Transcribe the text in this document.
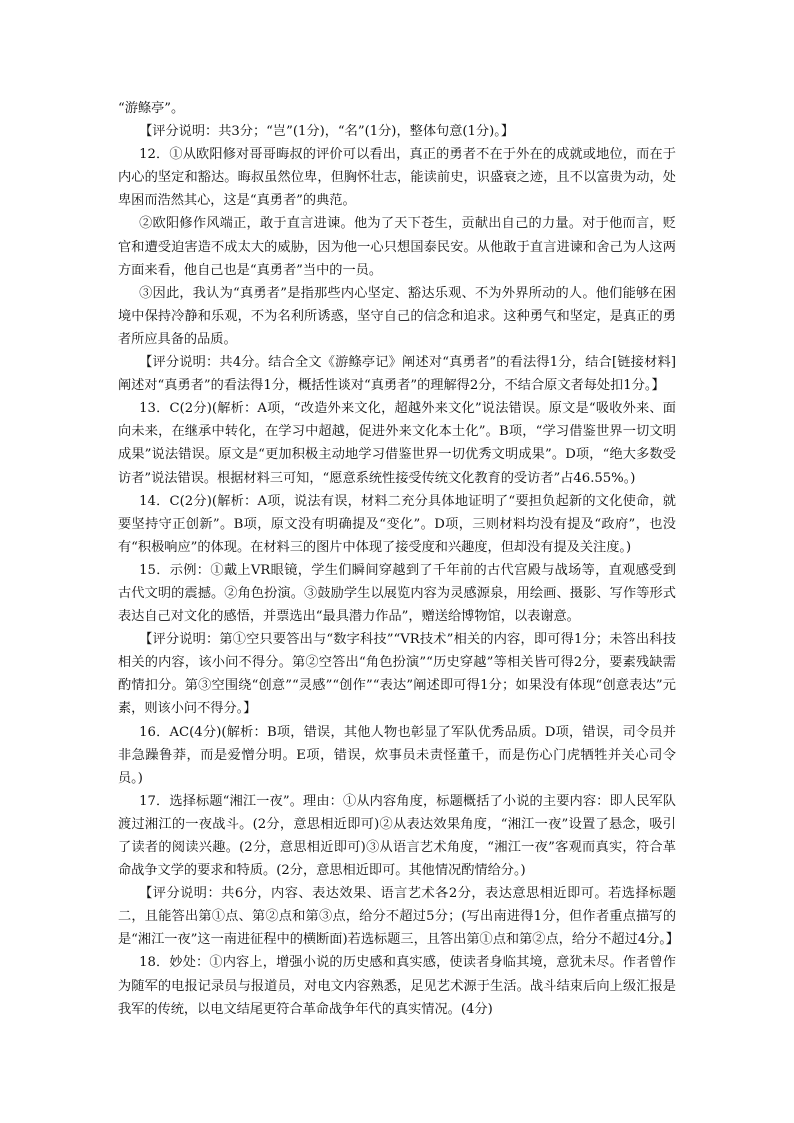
“游鲦亭”。

【评分说明：共3分；“岂”(1分)，“名”(1分)，整体句意(1分)。】

12．①从欧阳修对哥哥晦叔的评价可以看出，真正的勇者不在于外在的成就或地位，而在于内心的坚定和豁达。晦叔虽然位卑，但胸怀壮志，能读前史，识盛衰之迹，且不以富贵为动，处卑困而浩然其心，这是“真勇者”的典范。

②欧阳修作风端正，敢于直言进谏。他为了天下苍生，贡献出自己的力量。对于他而言，贬官和遭受迫害造不成太大的威胁，因为他一心只想国泰民安。从他敢于直言进谏和舍己为人这两方面来看，他自己也是“真勇者”当中的一员。

③因此，我认为“真勇者”是指那些内心坚定、豁达乐观、不为外界所动的人。他们能够在困境中保持冷静和乐观，不为名利所诱惑，坚守自己的信念和追求。这种勇气和坚定，是真正的勇者所应具备的品质。

【评分说明：共4分。结合全文《游鲦亭记》阐述对“真勇者”的看法得1分，结合[链接材料]阐述对“真勇者”的看法得1分，概括性谈对“真勇者”的理解得2分，不结合原文者每处扣1分。】

13．C(2分)(解析：A项，“改造外来文化，超越外来文化”说法错误。原文是“吸收外来、面向未来，在继承中转化，在学习中超越，促进外来文化本土化”。B项，“学习借鉴世界一切文明成果”说法错误。原文是“更加积极主动地学习借鉴世界一切优秀文明成果”。D项，“绝大多数受访者”说法错误。根据材料三可知，“愿意系统性接受传统文化教育的受访者”占46.55%。)

14．C(2分)(解析：A项，说法有误，材料二充分具体地证明了“要担负起新的文化使命，就要坚持守正创新”。B项，原文没有明确提及“变化”。D项，三则材料均没有提及“政府”，也没有“积极响应”的体现。在材料三的图片中体现了接受度和兴趣度，但却没有提及关注度。)

15．示例：①戴上VR眼镜，学生们瞬间穿越到了千年前的古代宫殿与战场等，直观感受到古代文明的震撼。②角色扮演。③鼓励学生以展览内容为灵感源泉，用绘画、摄影、写作等形式表达自己对文化的感悟，并票选出“最具潜力作品”，赠送给博物馆，以表谢意。

【评分说明：第①空只要答出与“数字科技”“VR技术”相关的内容，即可得1分；未答出科技相关的内容，该小问不得分。第②空答出“角色扮演”“历史穿越”等相关皆可得2分，要素残缺需酌情扣分。第③空围绕“创意”“灵感”“创作”“表达”阐述即可得1分；如果没有体现“创意表达”元素，则该小问不得分。】

16．AC(4分)(解析：B项，错误，其他人物也彰显了军队优秀品质。D项，错误，司令员并非急躁鲁莽，而是爱憎分明。E项，错误，炊事员未责怪董千，而是伤心门虎牺牲并关心司令员。)

17．选择标题“湘江一夜”。理由：①从内容角度，标题概括了小说的主要内容：即人民军队渡过湘江的一夜战斗。(2分，意思相近即可)②从表达效果角度，“湘江一夜”设置了悬念，吸引了读者的阅读兴趣。(2分，意思相近即可)③从语言艺术角度，“湘江一夜”客观而真实，符合革命战争文学的要求和特质。(2分，意思相近即可。其他情况酌情给分。)

【评分说明：共6分，内容、表达效果、语言艺术各2分，表达意思相近即可。若选择标题二，且能答出第①点、第②点和第③点，给分不超过5分；(写出南进得1分，但作者重点描写的是“湘江一夜”这一南进征程中的横断面)若选标题三，且答出第①点和第②点，给分不超过4分。】

18．妙处：①内容上，增强小说的历史感和真实感，使读者身临其境，意犹未尽。作者曾作为随军的电报记录员与报道员，对电文内容熟悉，足见艺术源于生活。战斗结束后向上级汇报是我军的传统，以电文结尾更符合革命战争年代的真实情况。(4分)
